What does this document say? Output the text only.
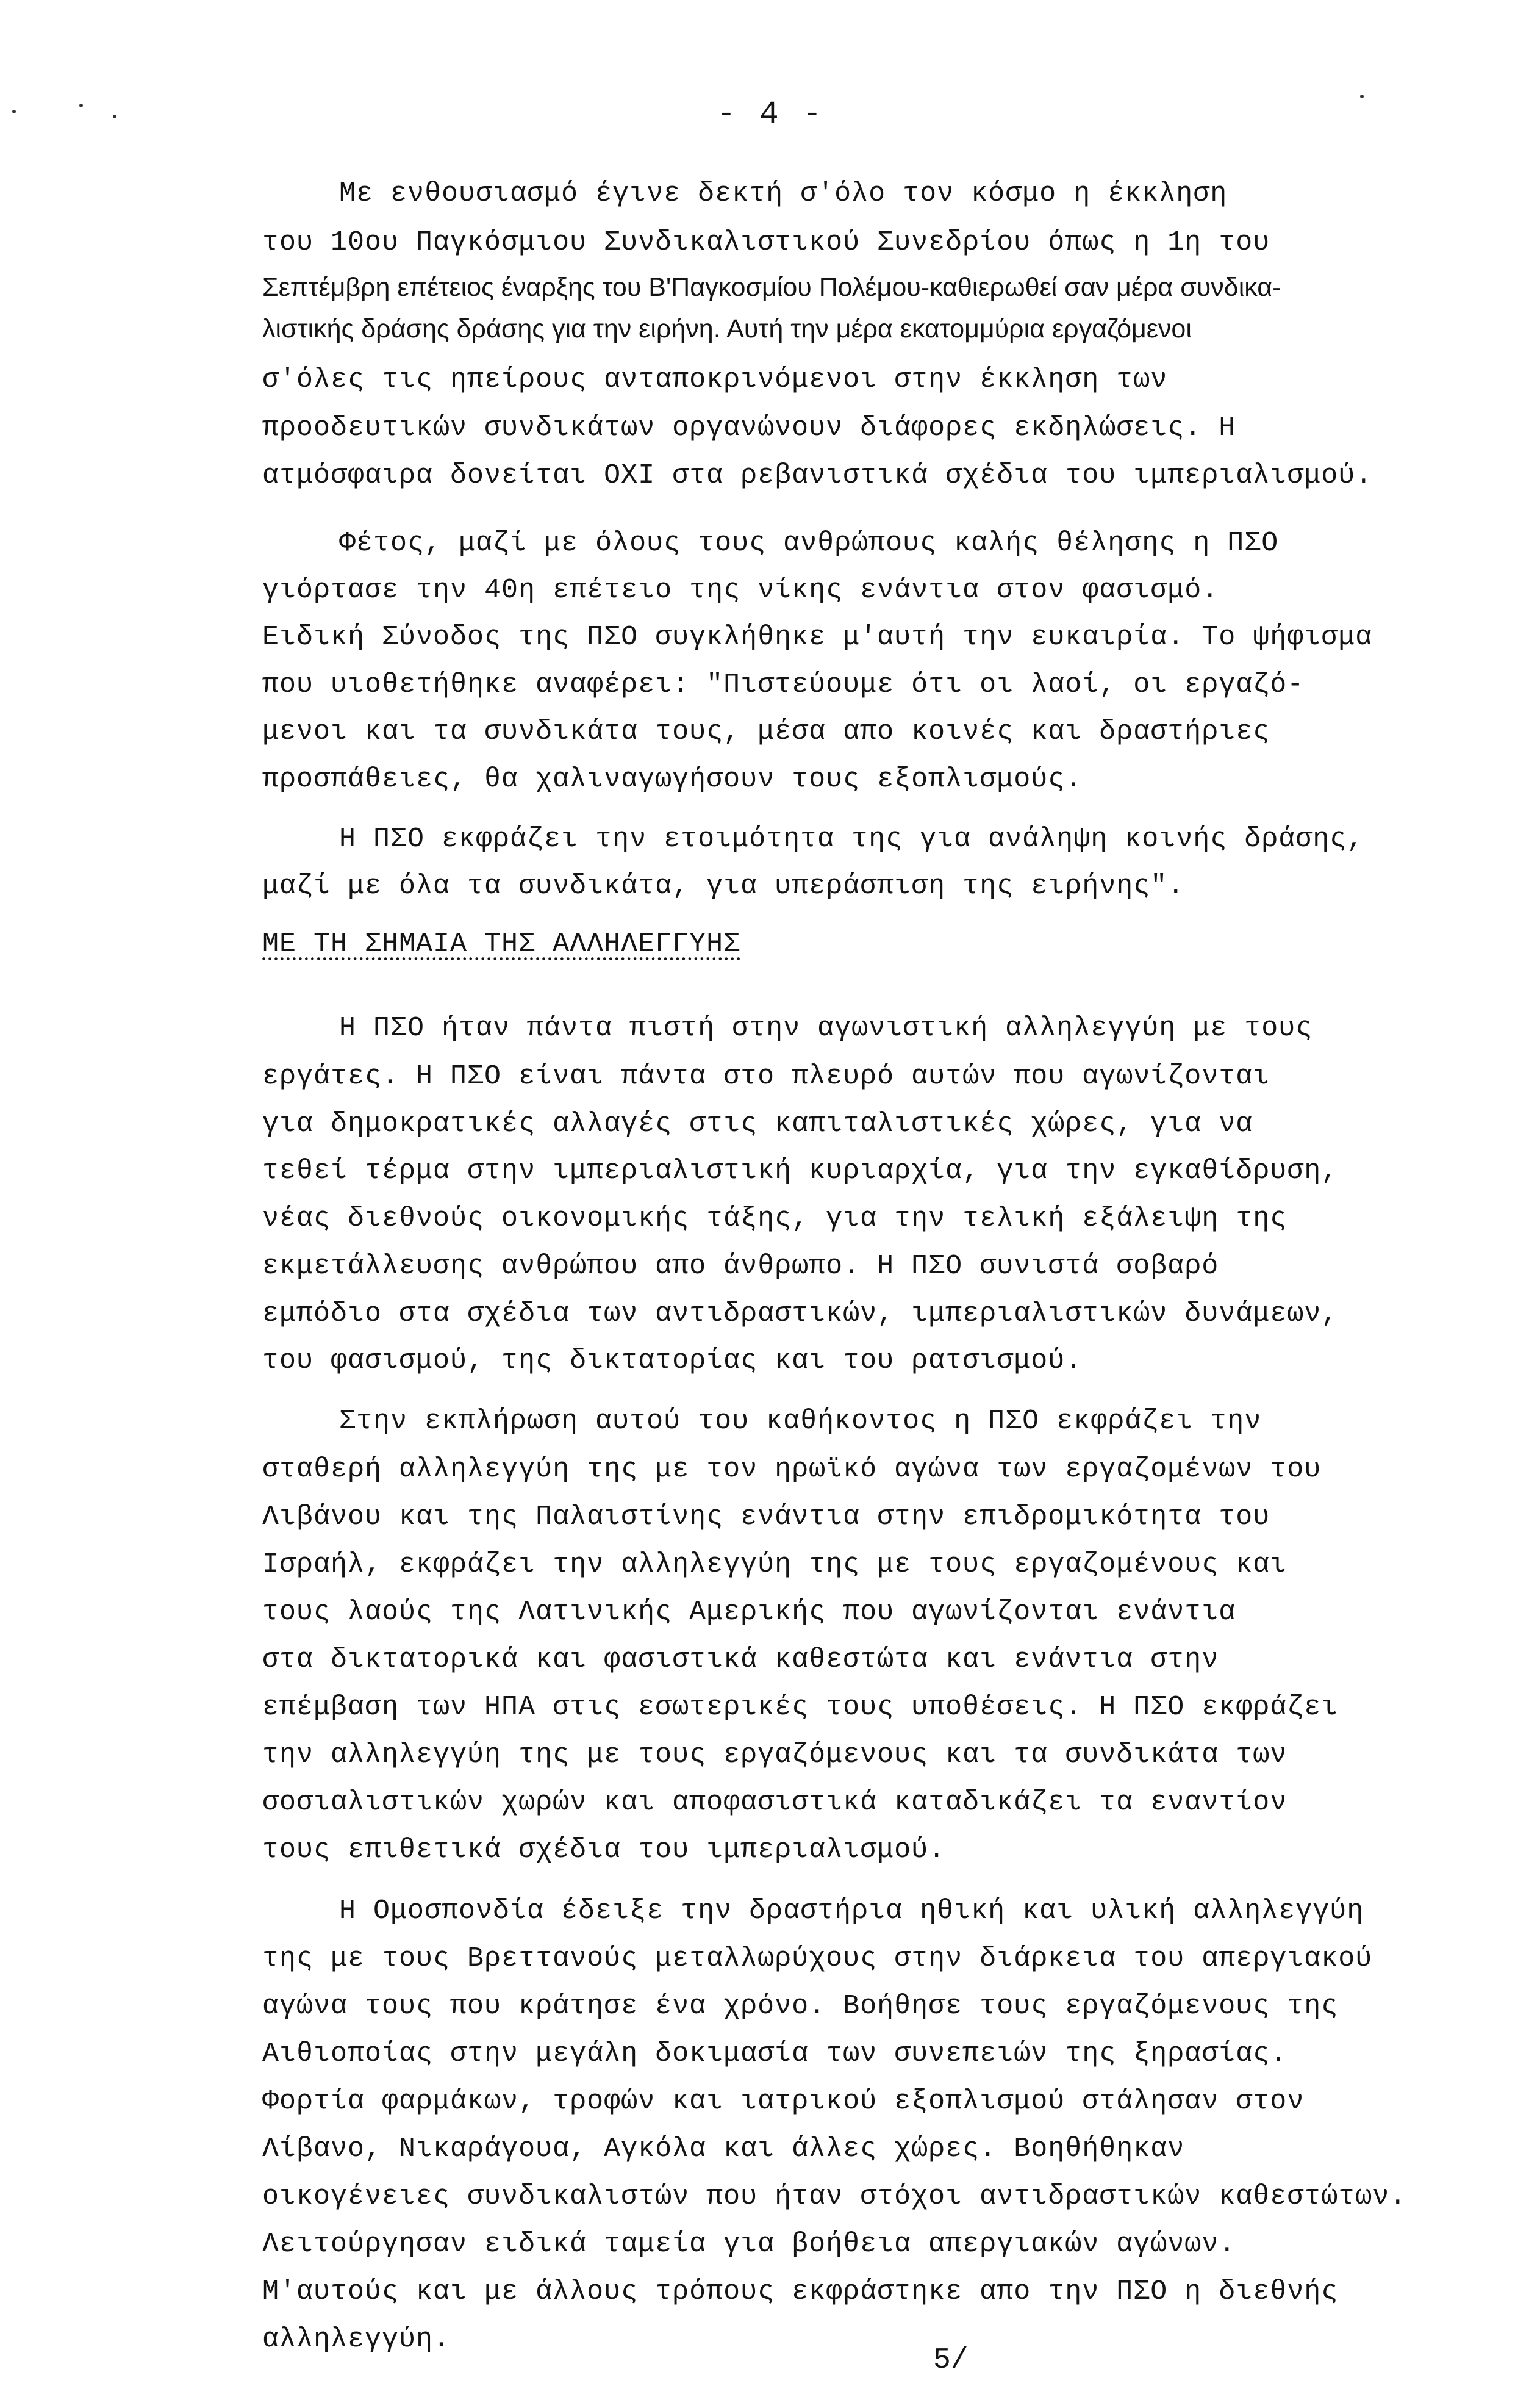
- 4 -
Με ενθουσιασμό έγινε δεκτή σ'όλο τον κόσμο η έκκληση
του 10ου Παγκόσμιου Συνδικαλιστικού Συνεδρίου όπως η 1η του
Σεπτέμβρη επέτειος έναρξης του Β'Παγκοσμίου Πολέμου-καθιερωθεί σαν μέρα συνδικα-
λιστικής δράσης δράσης για την ειρήνη. Αυτή την μέρα εκατομμύρια εργαζόμενοι
σ'όλες τις ηπείρους ανταποκρινόμενοι στην έκκληση των
προοδευτικών συνδικάτων οργανώνουν διάφορες εκδηλώσεις. Η
ατμόσφαιρα δονείται ΟΧΙ στα ρεβανιστικά σχέδια του ιμπεριαλισμού.
Φέτος, μαζί με όλους τους ανθρώπους καλής θέλησης η ΠΣΟ
γιόρτασε την 40η επέτειο της νίκης ενάντια στον φασισμό.
Ειδική Σύνοδος της ΠΣΟ συγκλήθηκε μ'αυτή την ευκαιρία. Το ψήφισμα
που υιοθετήθηκε αναφέρει: "Πιστεύουμε ότι οι λαοί, οι εργαζό-
μενοι και τα συνδικάτα τους, μέσα απο κοινές και δραστήριες
προσπάθειες, θα χαλιναγωγήσουν τους εξοπλισμούς.
Η ΠΣΟ εκφράζει την ετοιμότητα της για ανάληψη κοινής δράσης,
μαζί με όλα τα συνδικάτα, για υπεράσπιση της ειρήνης".
ΜΕ ΤΗ ΣΗΜΑΙΑ ΤΗΣ ΑΛΛΗΛΕΓΓΥΗΣ
Η ΠΣΟ ήταν πάντα πιστή στην αγωνιστική αλληλεγγύη με τους
εργάτες. Η ΠΣΟ είναι πάντα στο πλευρό αυτών που αγωνίζονται
για δημοκρατικές αλλαγές στις καπιταλιστικές χώρες, για να
τεθεί τέρμα στην ιμπεριαλιστική κυριαρχία, για την εγκαθίδρυση,
νέας διεθνούς οικονομικής τάξης, για την τελική εξάλειψη της
εκμετάλλευσης ανθρώπου απο άνθρωπο. Η ΠΣΟ συνιστά σοβαρό
εμπόδιο στα σχέδια των αντιδραστικών, ιμπεριαλιστικών δυνάμεων,
του φασισμού, της δικτατορίας και του ρατσισμού.
Στην εκπλήρωση αυτού του καθήκοντος η ΠΣΟ εκφράζει την
σταθερή αλληλεγγύη της με τον ηρωϊκό αγώνα των εργαζομένων του
Λιβάνου και της Παλαιστίνης ενάντια στην επιδρομικότητα του
Ισραήλ, εκφράζει την αλληλεγγύη της με τους εργαζομένους και
τους λαούς της Λατινικής Αμερικής που αγωνίζονται ενάντια
στα δικτατορικά και φασιστικά καθεστώτα και ενάντια στην
επέμβαση των ΗΠΑ στις εσωτερικές τους υποθέσεις. Η ΠΣΟ εκφράζει
την αλληλεγγύη της με τους εργαζόμενους και τα συνδικάτα των
σοσιαλιστικών χωρών και αποφασιστικά καταδικάζει τα εναντίον
τους επιθετικά σχέδια του ιμπεριαλισμού.
Η Ομοσπονδία έδειξε την δραστήρια ηθική και υλική αλληλεγγύη
της με τους Βρεττανούς μεταλλωρύχους στην διάρκεια του απεργιακού
αγώνα τους που κράτησε ένα χρόνο. Βοήθησε τους εργαζόμενους της
Αιθιοποίας στην μεγάλη δοκιμασία των συνεπειών της ξηρασίας.
Φορτία φαρμάκων, τροφών και ιατρικού εξοπλισμού στάλησαν στον
Λίβανο, Νικαράγουα, Αγκόλα και άλλες χώρες. Βοηθήθηκαν
οικογένειες συνδικαλιστών που ήταν στόχοι αντιδραστικών καθεστώτων.
Λειτούργησαν ειδικά ταμεία για βοήθεια απεργιακών αγώνων.
Μ'αυτούς και με άλλους τρόπους εκφράστηκε απο την ΠΣΟ η διεθνής
αλληλεγγύη.
5/
